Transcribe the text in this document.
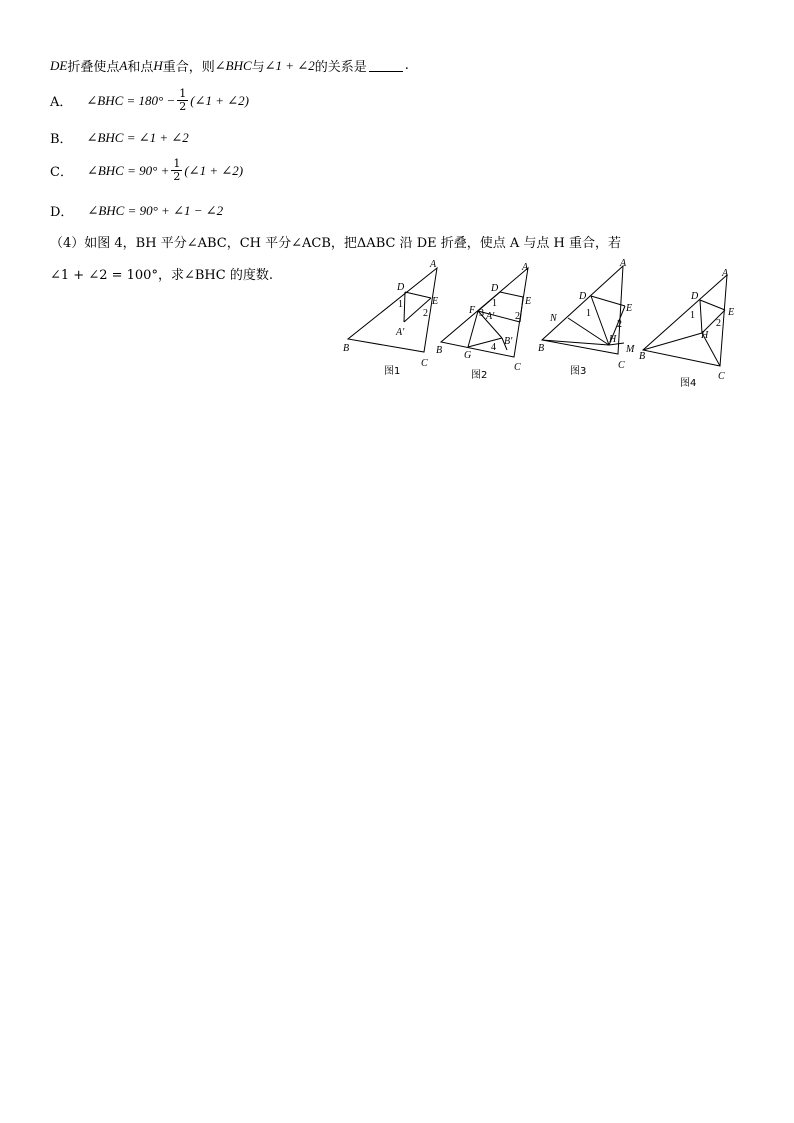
DE 折叠使点 A 和点 H 重合，则 ∠BHC 与 ∠1 + ∠2 的关系是	.
A． ∠BHC = $180^\circ - \frac{1}{2}$ (∠1 + ∠2)
B． ∠BHC = ∠1 + ∠2
C． ∠BHC = $90^\circ + \frac{1}{2}$ (∠1 + ∠2)
D． ∠BHC = 90° + ∠1 − ∠2
（4）如图 4，BH 平分∠ABC，CH 平分∠ACB，把ΔABC 沿 DE 折叠，使点 A 与点 H 重合，若
∠1 + ∠2 = 100°，求∠BHC 的度数.
A
D
E
1
2
A′
B
C
图1
A
D
E
F 3
1
A′ 2
G
4
B′
B
C
图2
A
D
E
N	1
2
H
M
B
C
图3
A
D
E
1
2
H
B
C
图4
